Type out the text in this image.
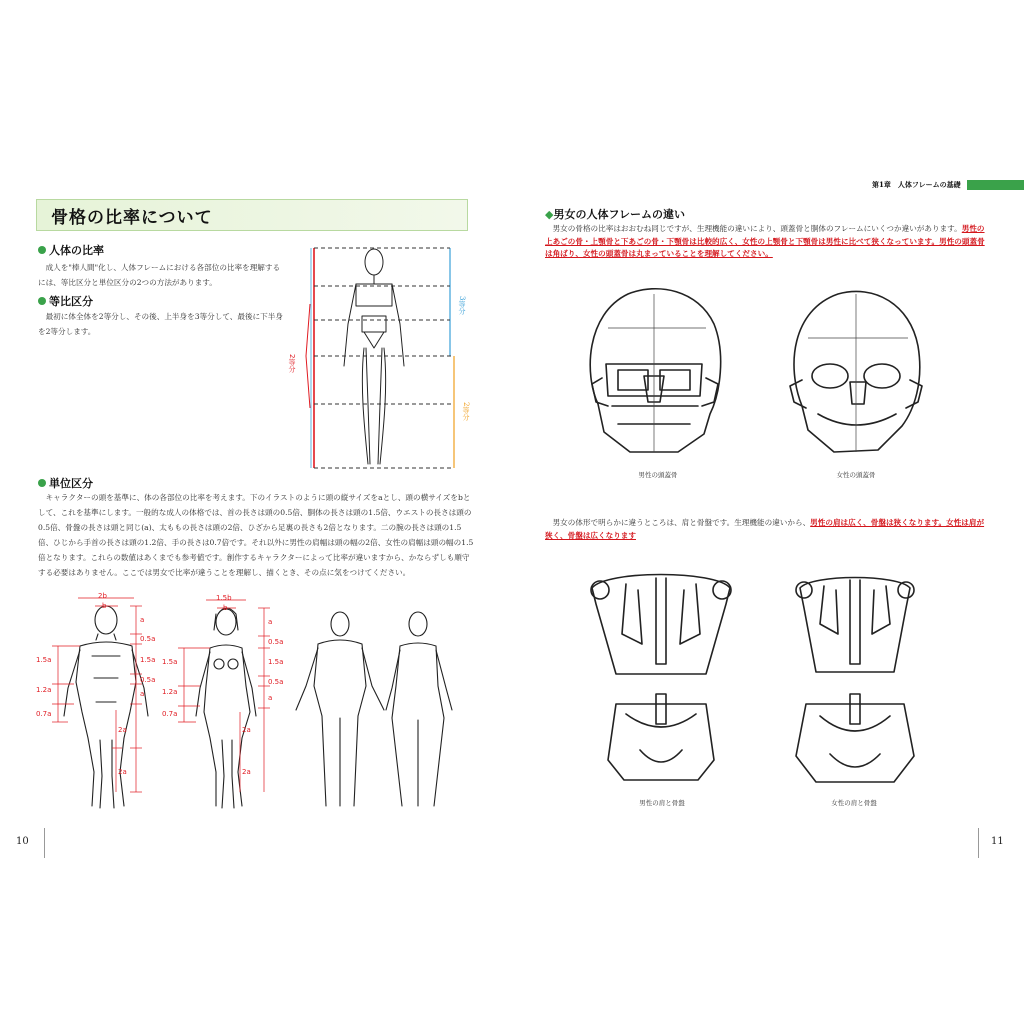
骨格の比率について
人体の比率
成人を"棒人間"化し、人体フレームにおける各部位の比率を理解するには、等比区分と単位区分の2つの方法があります。
等比区分
最初に体全体を2等分し、その後、上半身を3等分して、最後に下半身を2等分します。
2等分
3等分
2等分
単位区分
キャラクターの頭を基準に、体の各部位の比率を考えます。下のイラストのように頭の縦サイズをaとし、頭の横サイズをbとして、これを基準にします。一般的な成人の体格では、首の長さは頭の0.5倍、胴体の長さは頭の1.5倍、ウエストの長さは頭の0.5倍、骨盤の長さは頭と同じ(a)、太ももの長さは頭の2倍、ひざから足裏の長さも2倍となります。二の腕の長さは頭の1.5倍、ひじから手首の長さは頭の1.2倍、手の長さは0.7倍です。それ以外に男性の肩幅は頭の幅の2倍、女性の肩幅は頭の幅の1.5倍となります。これらの数値はあくまでも参考値です。創作するキャラクターによって比率が違いますから、かならずしも順守する必要はありません。ここでは男女で比率が違うことを理解し、描くとき、その点に気をつけてください。
2b
b
a
0.5a
1.5a
0.5a
1.5a
1.2a	a
0.7a
2a
2a
1.5b
b
a
0.5a
1.5a
0.5a
1.5a
1.2a
a
0.7a
2a
2a
10
第1章　人体フレームの基礎
◆男女の人体フレームの違い
男女の骨格の比率はおおむね同じですが、生理機能の違いにより、頭蓋骨と胴体のフレームにいくつか違いがあります。男性の上あごの骨・上顎骨と下あごの骨・下顎骨は比較的広く、女性の上顎骨と下顎骨は男性に比べて狭くなっています。男性の頭蓋骨は角ばり、女性の頭蓋骨は丸まっていることを理解してください。
男性の頭蓋骨	女性の頭蓋骨
男女の体形で明らかに違うところは、肩と骨盤です。生理機能の違いから、男性の肩は広く、骨盤は狭くなります。女性は肩が狭く、骨盤は広くなります
男性の肩と骨盤	女性の肩と骨盤
11
